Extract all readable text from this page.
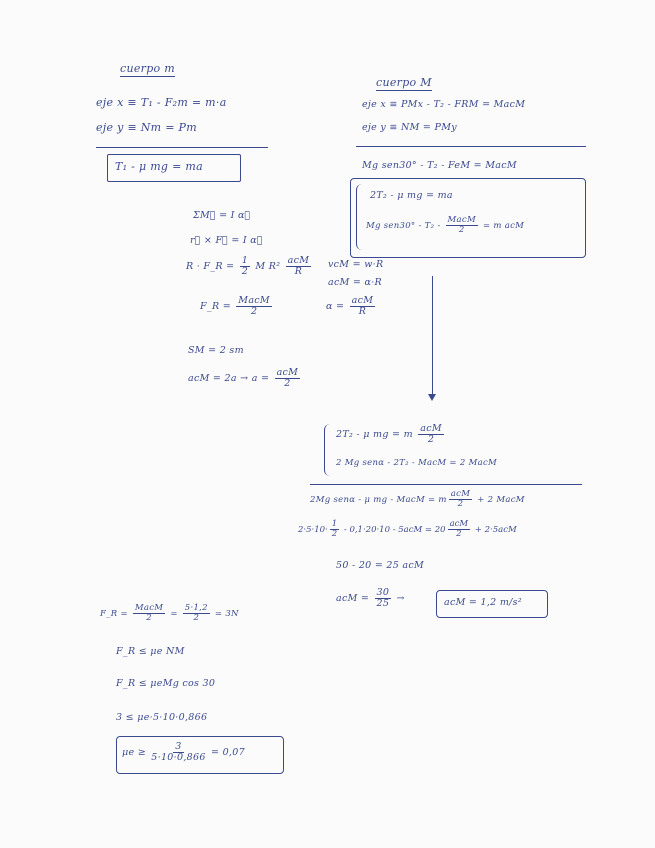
cuerpo m
eje x ≡ T₁ - F₂m = m·a
eje y ≡ Nm = Pm
T₁ - μ mg = ma
ΣM⃗ = I α⃗
r⃗ × F⃗ = I α⃗
R · F_R = $\frac{1}{2}$ M $R^2 \frac{\text{acM}}{R}$ vcM = w·R
acM = α·R
F_R = $\frac{\text{MacM}}{2}$	$\alpha = \frac{\text{acM}}{R}$
SM = 2 sm
acM = $2a \to a = \frac{\text{acM}}{2}$
cuerpo M
eje x ≡ PMx - T₂ - FRM = MacM
eje y ≡ NM = PMy
Mg sen30° - T₂ - FeM = MacM
2T₂ - μ mg = ma
Mg $sen30^\circ - T_2 - \frac{\text{MacM}}{2} = m$ acM
2T₂ - μ mg = m $\frac{\text{acM}}{2}$
2 Mg senα - 2T₂ - MacM = 2 MacM
2Mg senα - μ mg - MacM = m $\frac{\text{acM}}{2} + 2$ MacM
$2\cdot 5\cdot 10\cdot \frac{1}{2} - 0,1\cdot 20\cdot 10 - 5acM = 20 \frac{\text{acM}}{2} + 2\cdot 5acM$
50 - 20 = 25 acM
acM = $\frac{30}{25}$ →	acM = 1,2 m/s²
F_R = $\frac{\text{MacM}}{2} = \frac{5\cdot 1,2}{2} = 3N$
F_R ≤ μe NM
F_R ≤ μeMg cos 30
3 ≤ μe·5·10·0,866
$\mu e \ge \frac{3}{5\cdot 10\cdot 0,866} = 0,07$
